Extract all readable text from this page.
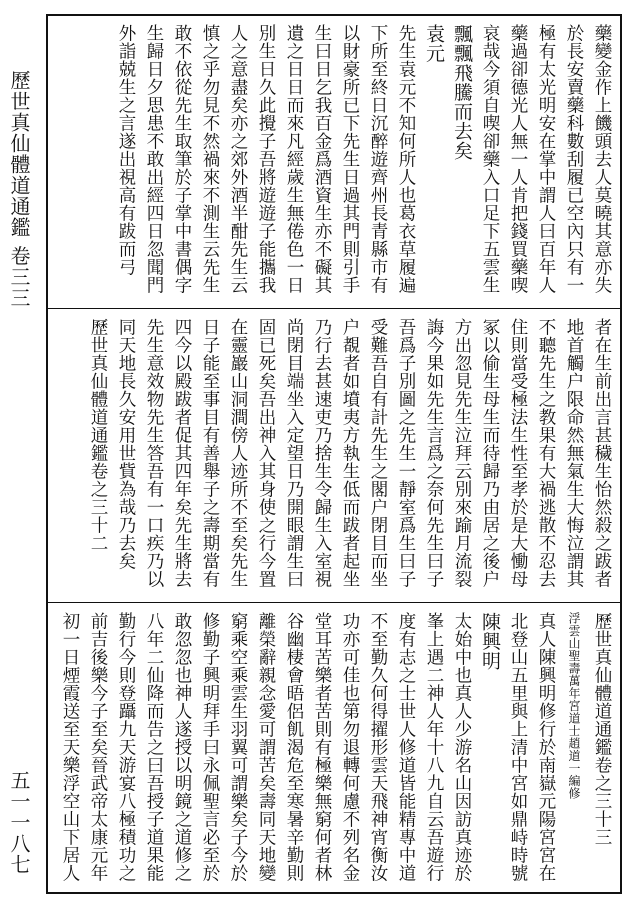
歷世真仙體道通鑑 卷三三
五一一八七
藥變金作上饑頭去人莫曉其意亦失
於長安賣藥科數刮履已空內只有一
極有太光明安在掌中謂人曰百年人
藥過卻德光人無一人肯把錢買藥喫
哀哉今須自喫卻藥入口足下五雲生
飄飄飛騰而去矣
袁元
先生袁元不知何所人也葛衣草履遍
下所至終日沉醉遊齊州長青縣市有
以財豪所已下先生日過其門則引手
生曰日乞我百金爲酒資生亦不礙其
遺之日日而來凡經歲生無倦色一日
別生日久此攪子吾將遊遊子能攜我
人之意盡矣亦之郊外酒半酣先生云
慎之乎勿見不然禍來不測生云先生
敢不依從先生取筆於子掌中書偶字
生歸日夕思患不敢出經四日忽聞門
外詣兢生之言遂出視高有跋而弓
者在生前出言甚穢生怡然殺之跋者
地首觸户限命然無氣生大悔泣謂其
不聽先生之教果有大禍逃散不忍去
住則當受極法生性至孝於是大慟母
冢以偷生母生而待歸乃由居之後户
方出忽見先生泣拜云別來踰月流裂
誨今果如先生言爲之奈何先生曰子
吾爲子別圖之先生一靜室爲生曰子
受難吾自有計先生之閣户閉目而坐
户覩者如墳夷方執生低而跋者起坐
乃行去甚速吏乃捨生令歸生入室視
尚閉目端坐入定望日乃開眼謂生曰
固已死矣吾出神入其身使之行今置
在靈巖山洞澗傍人迹所不至矣先生
日子能至事目有善舉子之壽期當有
四今以殿跋者促其四年矣先生將去
先生意效物先生答吾有一口疾乃以
同天地長久安用世貲為哉乃去矣
歷世真仙體道通鑑卷之三十二
歷世真仙體道通鑑卷之三十三
浮雲山聖壽萬年宮道士趙道一編修
真人陳興明修行於南嶽元陽宮宮在
北登山五里與上清中宮如鼎峙時號
陳興明
太始中也真人少游名山因訪真迹於
峯上遇二神人年十八九自云吾遊行
度有志之士世人修道皆能精專中道
不至勤久何得擢形雲天飛神宵衡汝
功亦可佳也第勿退轉何慮不列名金
堂耳苦樂者苦則有極樂無窮何者林
谷幽棲會晤侶飢渴危至寒暑辛勤則
離榮辭親念愛可謂苦矣壽同天地變
窮乘空乘雲生羽翼可謂樂矣子今於
修勤子興明拜手曰永佩聖言必至於
敢忽忽也神人遂授以明鏡之道修之
八年二仙降而告之曰吾授子道果能
勤行今則登躡九天游宴八極積功之
前吉後樂今子至矣晉武帝太康元年
初一日煙霞送至天樂浮空山下居人
